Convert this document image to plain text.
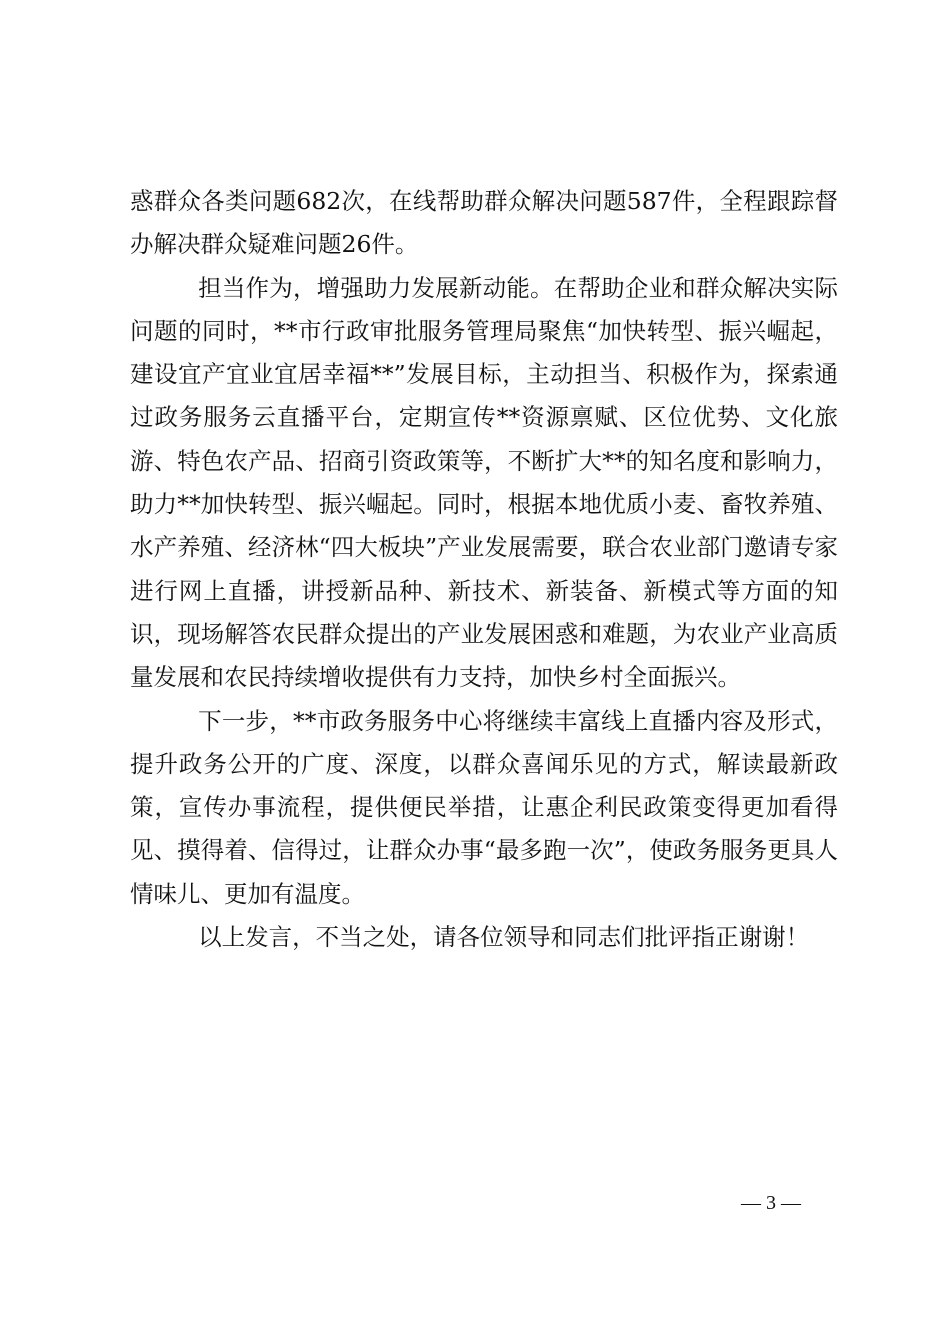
惑群众各类问题682次，在线帮助群众解决问题587件，全程跟踪督办解决群众疑难问题26件。

担当作为，增强助力发展新动能。在帮助企业和群众解决实际问题的同时，**市行政审批服务管理局聚焦“加快转型、振兴崛起，建设宜产宜业宜居幸福**”发展目标，主动担当、积极作为，探索通过政务服务云直播平台，定期宣传**资源禀赋、区位优势、文化旅游、特色农产品、招商引资政策等，不断扩大**的知名度和影响力，助力**加快转型、振兴崛起。同时，根据本地优质小麦、畜牧养殖、水产养殖、经济林“四大板块”产业发展需要，联合农业部门邀请专家进行网上直播，讲授新品种、新技术、新装备、新模式等方面的知识，现场解答农民群众提出的产业发展困惑和难题，为农业产业高质量发展和农民持续增收提供有力支持，加快乡村全面振兴。

下一步，**市政务服务中心将继续丰富线上直播内容及形式，提升政务公开的广度、深度，以群众喜闻乐见的方式，解读最新政策，宣传办事流程，提供便民举措，让惠企利民政策变得更加看得见、摸得着、信得过，让群众办事“最多跑一次”，使政务服务更具人情味儿、更加有温度。

以上发言，不当之处，请各位领导和同志们批评指正谢谢！

— 3 —
